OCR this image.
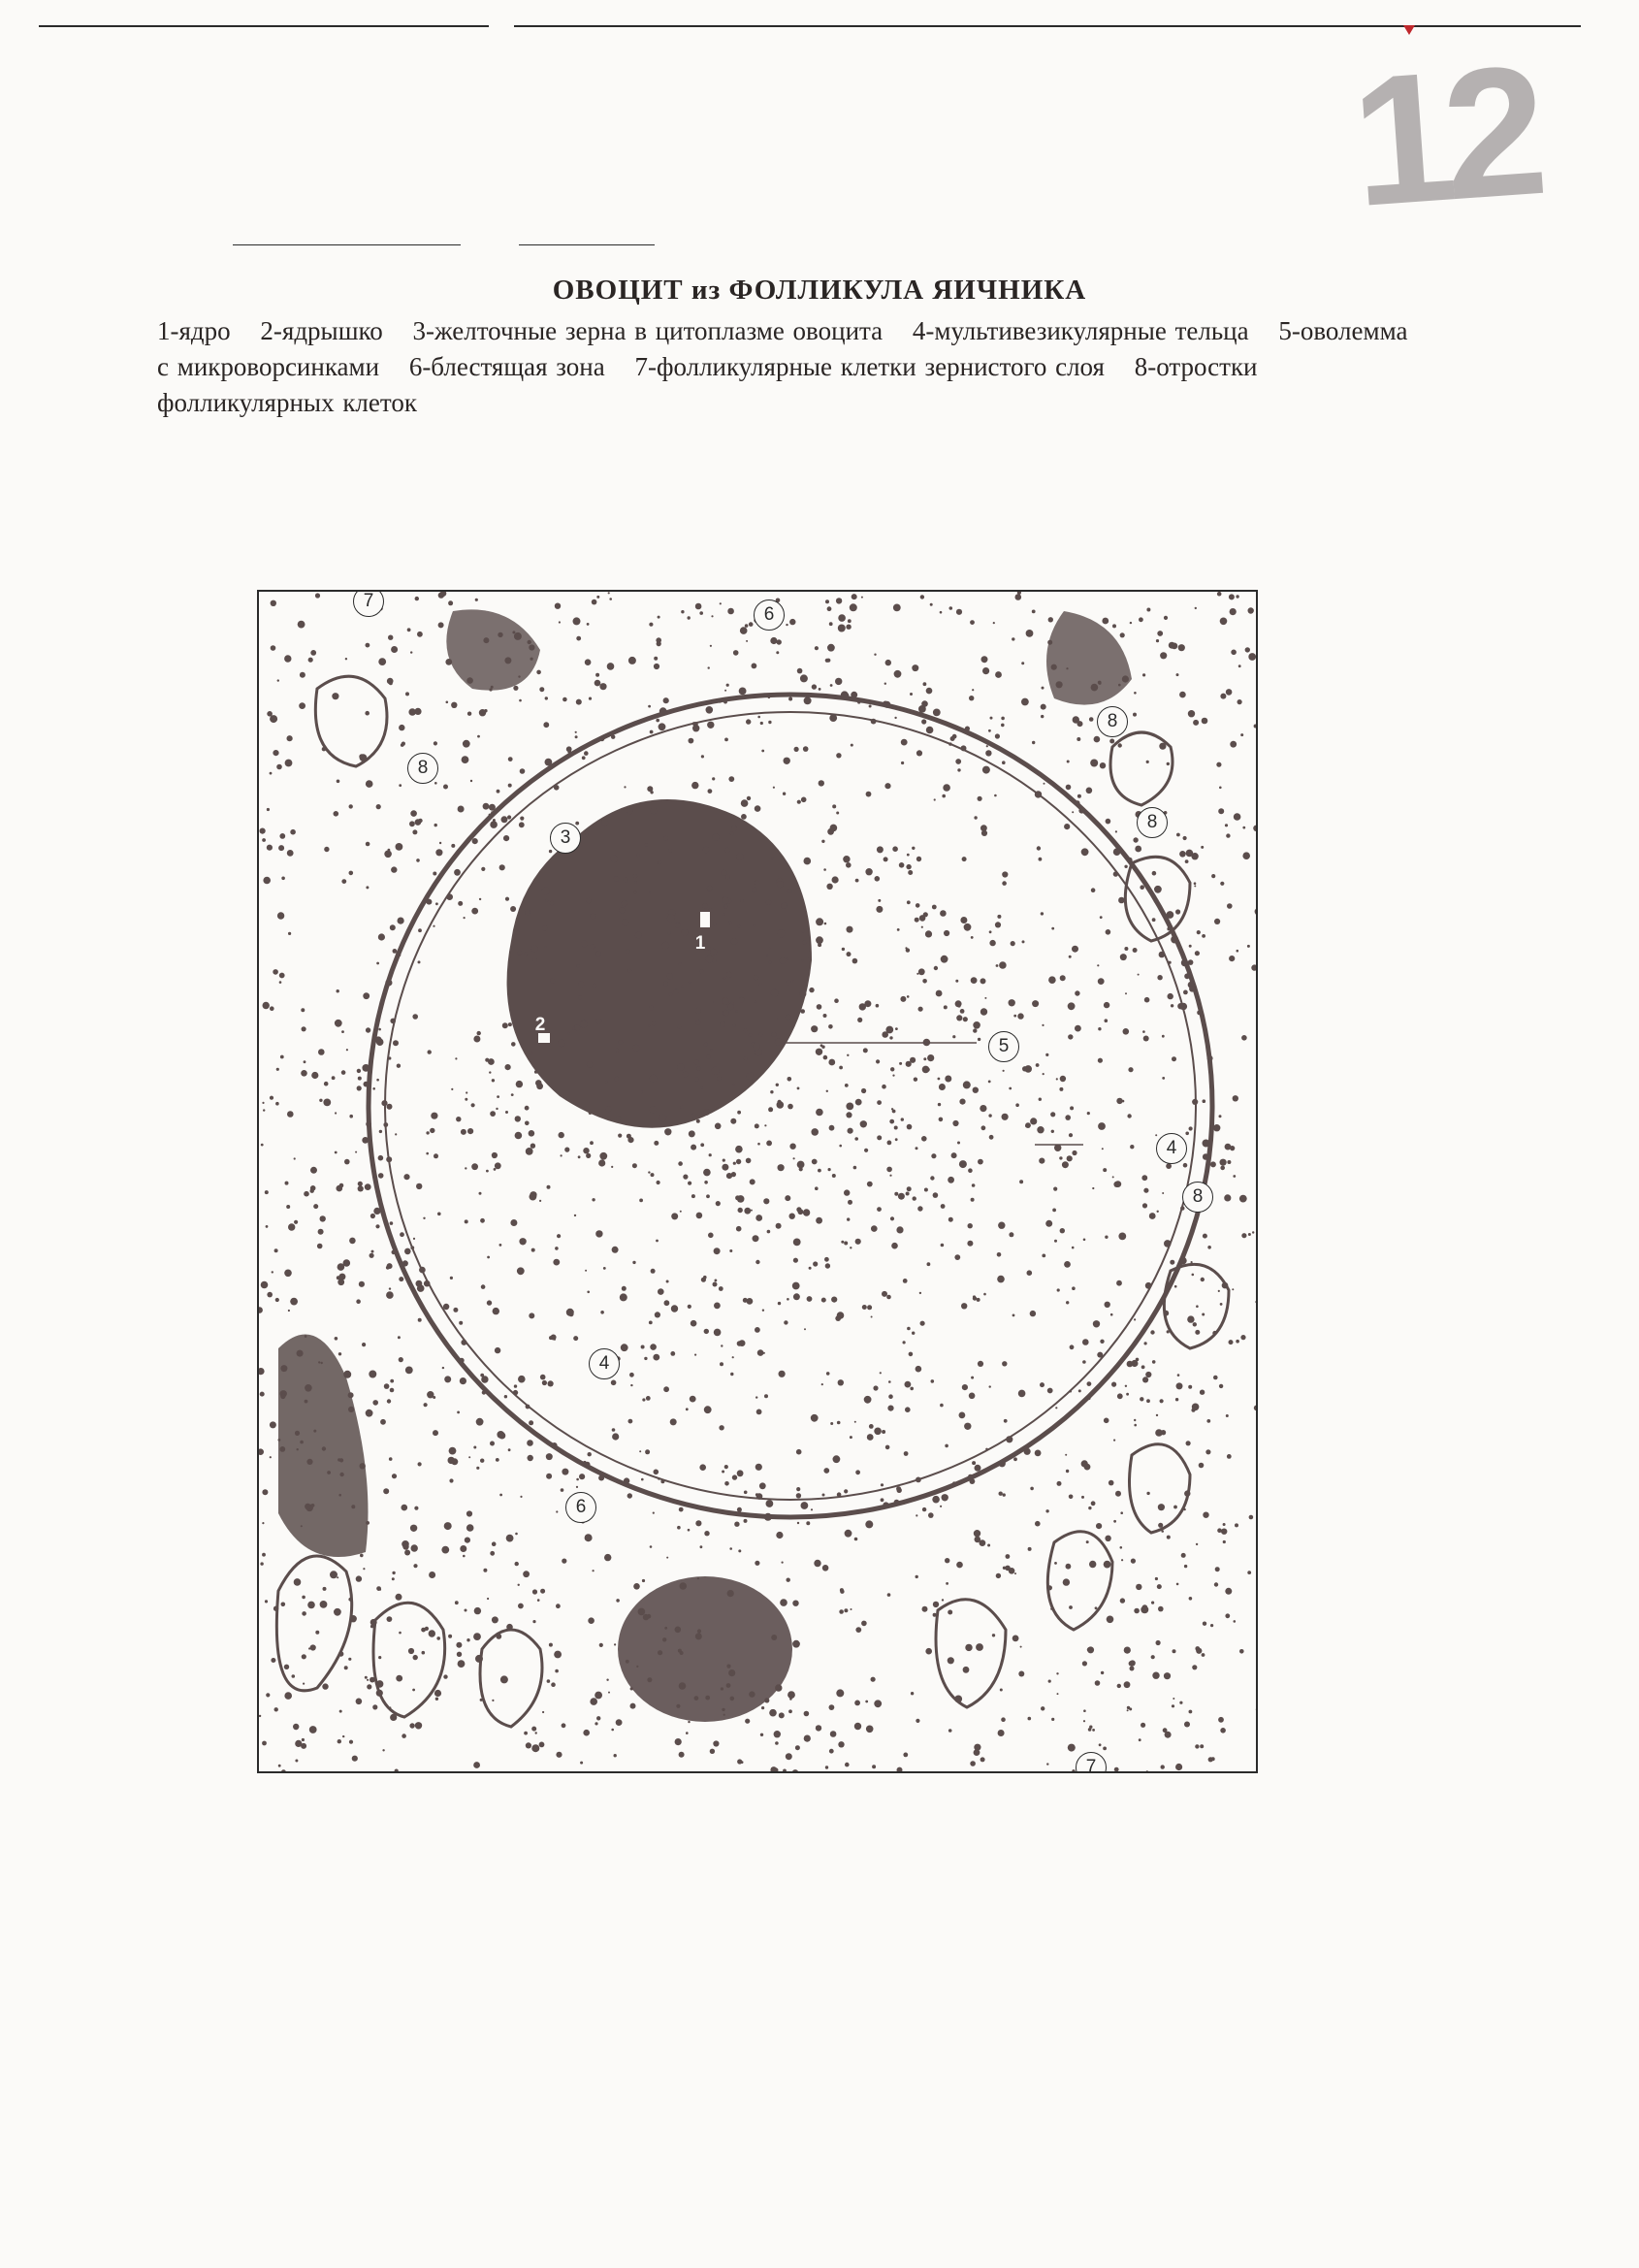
12
ОВОЦИТ из ФОЛЛИКУЛА ЯИЧНИКА

1-ядро 2-ядрышко 3-желточные зерна в цитоплазме овоцита 4-мультивезикулярные тельца 5-оволемма с микроворсинками 6-блестящая зона 7-фолликулярные клетки зернистого слоя 8-отростки фолликулярных клеток

7
6
8
3
8
8
1
2
5
4
8
4
6
7
